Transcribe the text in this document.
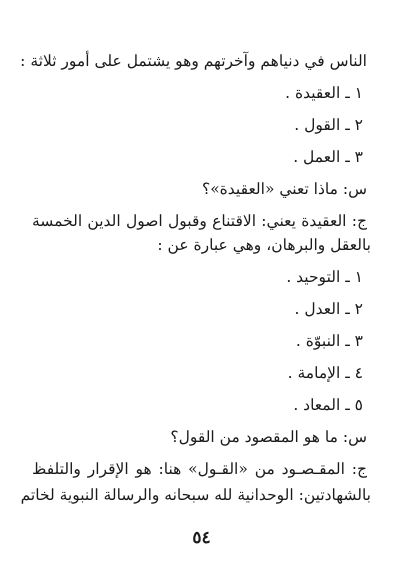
الناس في دنياهم وآخرتهم وهو يشتمل على أمور ثلاثة :
١ ـ العقيدة .
٢ ـ القول .
٣ ـ العمل .
س: ماذا تعني «العقيدة»؟
ج: العقيدة يعني: الاقتناع وقبول اصول الدين الخمسة
بالعقل والبرهان، وهي عبارة عن :
١ ـ التوحيد .
٢ ـ العدل .
٣ ـ النبوّة .
٤ ـ الإمامة .
٥ ـ المعاد .
س: ما هو المقصود من القول؟
ج: المقـصـود من «القـول» هنا: هو الإقرار والتلفظ
بالشهادتين: الوحدانية لله سبحانه والرسالة النبوية لخاتم
٥٤
